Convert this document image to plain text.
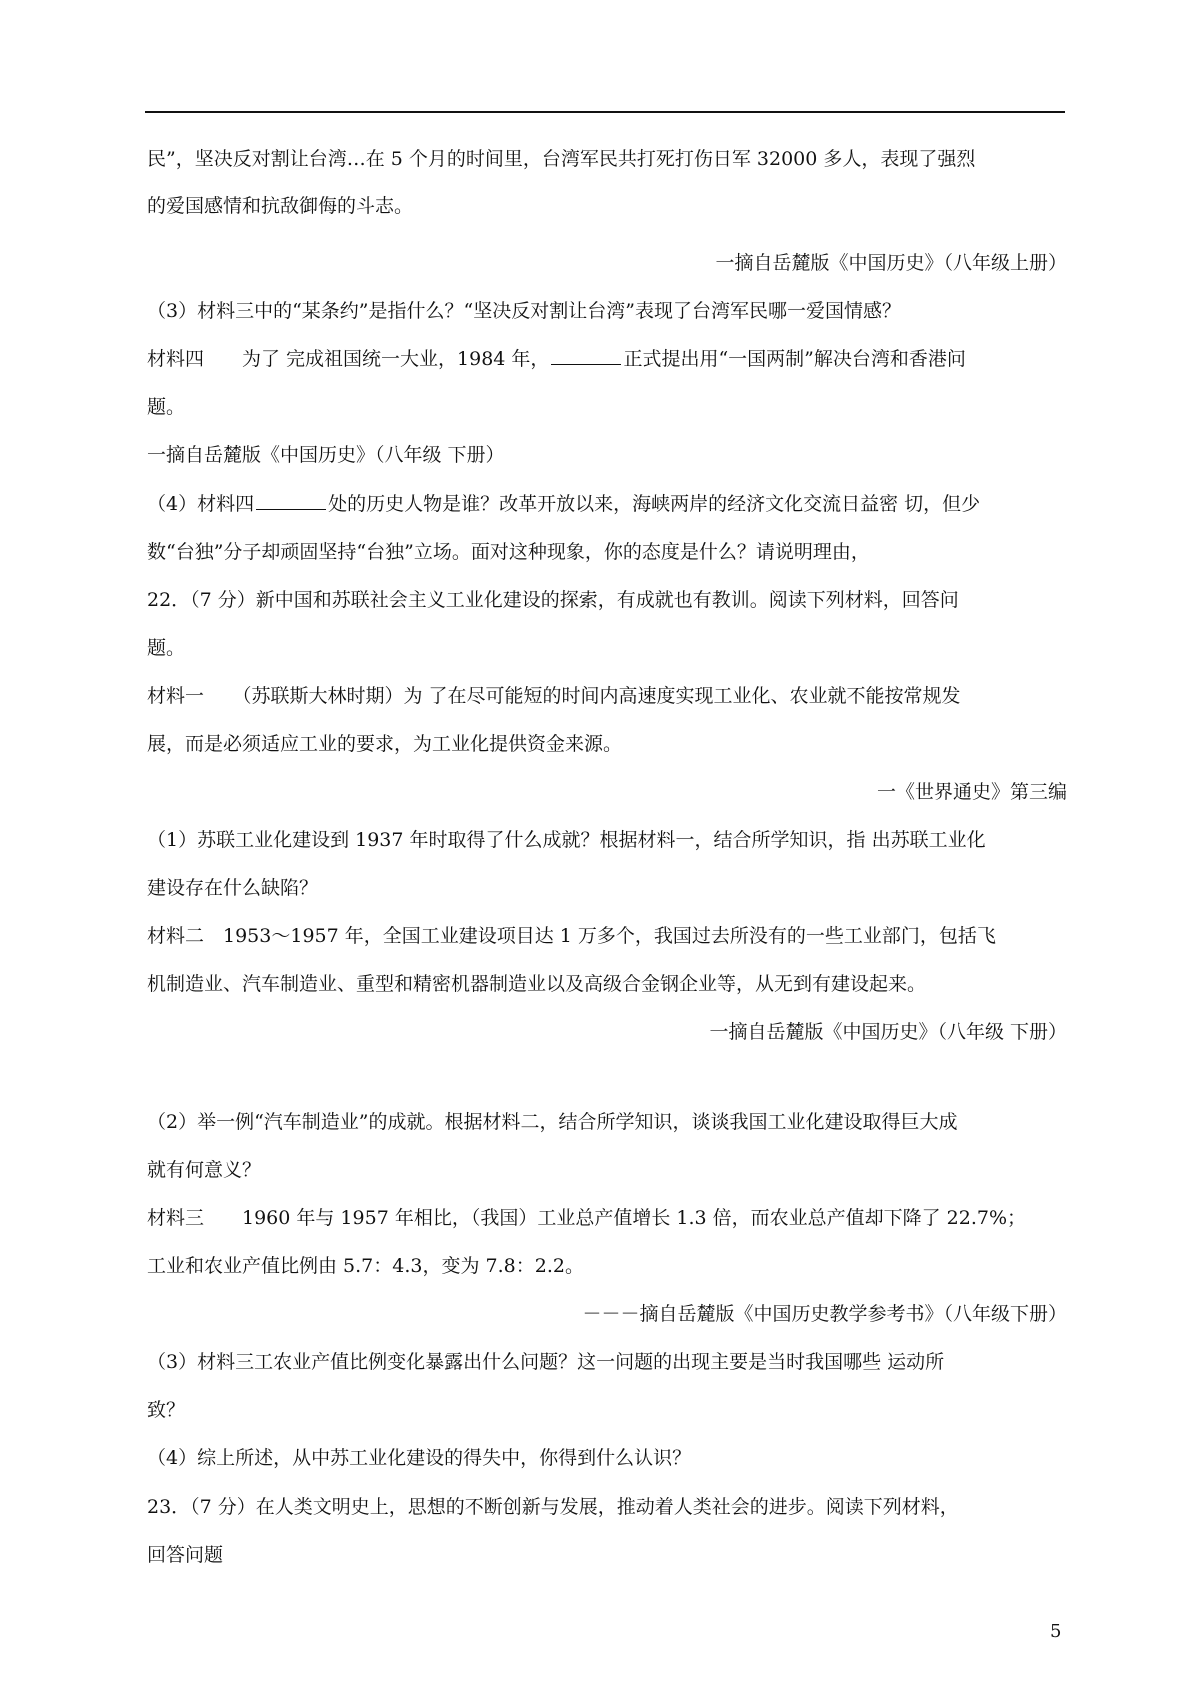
民”，坚决反对割让台湾…在 5 个月的时间里，台湾军民共打死打伤日军 32000 多人，表现了强烈
的爱国感情和抗敌御侮的斗志。
一摘自岳麓版《中国历史》（八年级上册）
（3）材料三中的“某条约”是指什么？“坚决反对割让台湾”表现了台湾军民哪一爱国情感？
材料四　　为了 完成祖国统一大业，1984 年，	正式提出用“一国两制”解决台湾和香港问
题。
一摘自岳麓版《中国历史》（八年级 下册）
（4）材料四	处的历史人物是谁？改革开放以来，海峡两岸的经济文化交流日益密 切，但少
数“台独”分子却顽固坚持“台独”立场。面对这种现象，你的态度是什么？请说明理由，
22．（7 分）新中国和苏联社会主义工业化建设的探索，有成就也有教训。阅读下列材料，回答问
题。
材料一　　（苏联斯大林时期）为 了在尽可能短的时间内高速度实现工业化、农业就不能按常规发
展，而是必须适应工业的要求，为工业化提供资金来源。
一《世界通史》第三编
（1）苏联工业化建设到 1937 年时取得了什么成就？根据材料一，结合所学知识，指 出苏联工业化
建设存在什么缺陷？
材料二　1953～1957 年，全国工业建设项目达 1 万多个，我国过去所没有的一些工业部门，包括飞
机制造业、汽车制造业、重型和精密机器制造业以及高级合金钢企业等，从无到有建设起来。
一摘自岳麓版《中国历史》（八年级 下册）
（2）举一例“汽车制造业”的成就。根据材料二，结合所学知识，谈谈我国工业化建设取得巨大成
就有何意义？
材料三　　1960 年与 1957 年相比，（我国）工业总产值增长 1.3 倍，而农业总产值却下降了 22.7%；
工业和农业产值比例由 5.7：4.3，变为 7.8：2.2。
－－－摘自岳麓版《中国历史教学参考书》（八年级下册）
（3）材料三工农业产值比例变化暴露出什么问题？这一问题的出现主要是当时我国哪些 运动所
致？
（4）综上所述，从中苏工业化建设的得失中，你得到什么认识？
23．（7 分）在人类文明史上，思想的不断创新与发展，推动着人类社会的进步。阅读下列材料，
回答问题
5
